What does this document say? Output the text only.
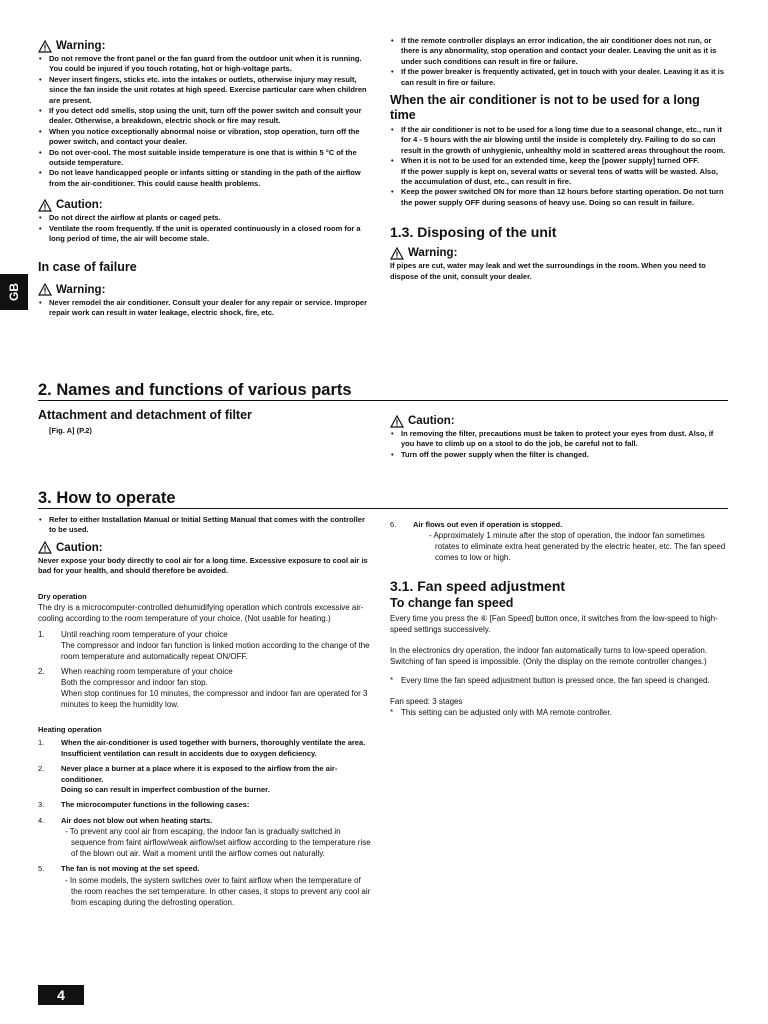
GB
Warning:
• Do not remove the front panel or the fan guard from the outdoor unit when it is running. You could be injured if you touch rotating, hot or high-voltage parts.
• Never insert fingers, sticks etc. into the intakes or outlets, otherwise injury may result, since the fan inside the unit rotates at high speed. Exercise particular care when children are present.
• If you detect odd smells, stop using the unit, turn off the power switch and consult your dealer. Otherwise, a breakdown, electric shock or fire may result.
• When you notice exceptionally abnormal noise or vibration, stop operation, turn off the power switch, and contact your dealer.
• Do not over-cool. The most suitable inside temperature is one that is within 5 °C of the outside temperature.
• Do not leave handicapped people or infants sitting or standing in the path of the airflow from the air-conditioner. This could cause health problems.
Caution:
• Do not direct the airflow at plants or caged pets.
• Ventilate the room frequently. If the unit is operated continuously in a closed room for a long period of time, the air will become stale.
In case of failure
Warning:
• Never remodel the air conditioner. Consult your dealer for any repair or service. Improper repair work can result in water leakage, electric shock, fire, etc.
• If the remote controller displays an error indication, the air conditioner does not run, or there is any abnormality, stop operation and contact your dealer. Leaving the unit as it is under such conditions can result in fire or failure.
• If the power breaker is frequently activated, get in touch with your dealer. Leaving it as it is can result in fire or failure.
When the air conditioner is not to be used for a long time
• If the air conditioner is not to be used for a long time due to a seasonal change, etc., run it for 4 - 5 hours with the air blowing until the inside is completely dry. Failing to do so can result in the growth of unhygienic, unhealthy mold in scattered areas throughout the room.
• When it is not to be used for an extended time, keep the [power supply] turned OFF.
If the power supply is kept on, several watts or several tens of watts will be wasted. Also, the accumulation of dust, etc., can result in fire.
• Keep the power switched ON for more than 12 hours before starting operation. Do not turn the power supply OFF during seasons of heavy use. Doing so can result in failure.
1.3. Disposing of the unit
Warning:
If pipes are cut, water may leak and wet the surroundings in the room. When you need to dispose of the unit, consult your dealer.
2. Names and functions of various parts
Attachment and detachment of filter
[Fig. A] (P.2)
Caution:
• In removing the filter, precautions must be taken to protect your eyes from dust. Also, if you have to climb up on a stool to do the job, be careful not to fall.
• Turn off the power supply when the filter is changed.
3. How to operate
• Refer to either Installation Manual or Initial Setting Manual that comes with the controller to be used.
Caution:
Never expose your body directly to cool air for a long time. Excessive exposure to cool air is bad for your health, and should therefore be avoided.
Dry operation
The dry is a microcomputer-controlled dehumidifying operation which controls excessive air-cooling according to the room temperature of your choice. (Not usable for heating.)
1.	Until reaching room temperature of your choice
The compressor and indoor fan function is linked motion according to the change of the room temperature and automatically repeat ON/OFF.
2.	When reaching room temperature of your choice
Both the compressor and indoor fan stop.
When stop continues for 10 minutes, the compressor and indoor fan are operated for 3 minutes to keep the humidity low.
Heating operation
1.	When the air-conditioner is used together with burners, thoroughly ventilate the area. Insufficient ventilation can result in accidents due to oxygen deficiency.
2.	Never place a burner at a place where it is exposed to the airflow from the air-conditioner.
Doing so can result in imperfect combustion of the burner.
3.	The microcomputer functions in the following cases:
4.	Air does not blow out when heating starts.
- To prevent any cool air from escaping, the indoor fan is gradually switched in sequence from faint airflow/weak airflow/set airflow according to the temperature rise of the blown out air. Wait a moment until the airflow comes out naturally.
5.	The fan is not moving at the set speed.
- In some models, the system switches over to faint airflow when the temperature of the room reaches the set temperature. In other cases, it stops to prevent any cool air from escaping during the defrosting operation.
6.	Air flows out even if operation is stopped.
- Approximately 1 minute after the stop of operation, the indoor fan sometimes rotates to eliminate extra heat generated by the electric heater, etc. The fan speed comes to low or high.
3.1. Fan speed adjustment
To change fan speed
Every time you press the ⑥ [Fan Speed] button once, it switches from the low-speed to high-speed settings successively.
In the electronics dry operation, the indoor fan automatically turns to low-speed operation. Switching of fan speed is impossible. (Only the display on the remote controller changes.)
* Every time the fan speed adjustment button is pressed once, the fan speed is changed.
Fan speed: 3 stages
* This setting can be adjusted only with MA remote controller.
4
